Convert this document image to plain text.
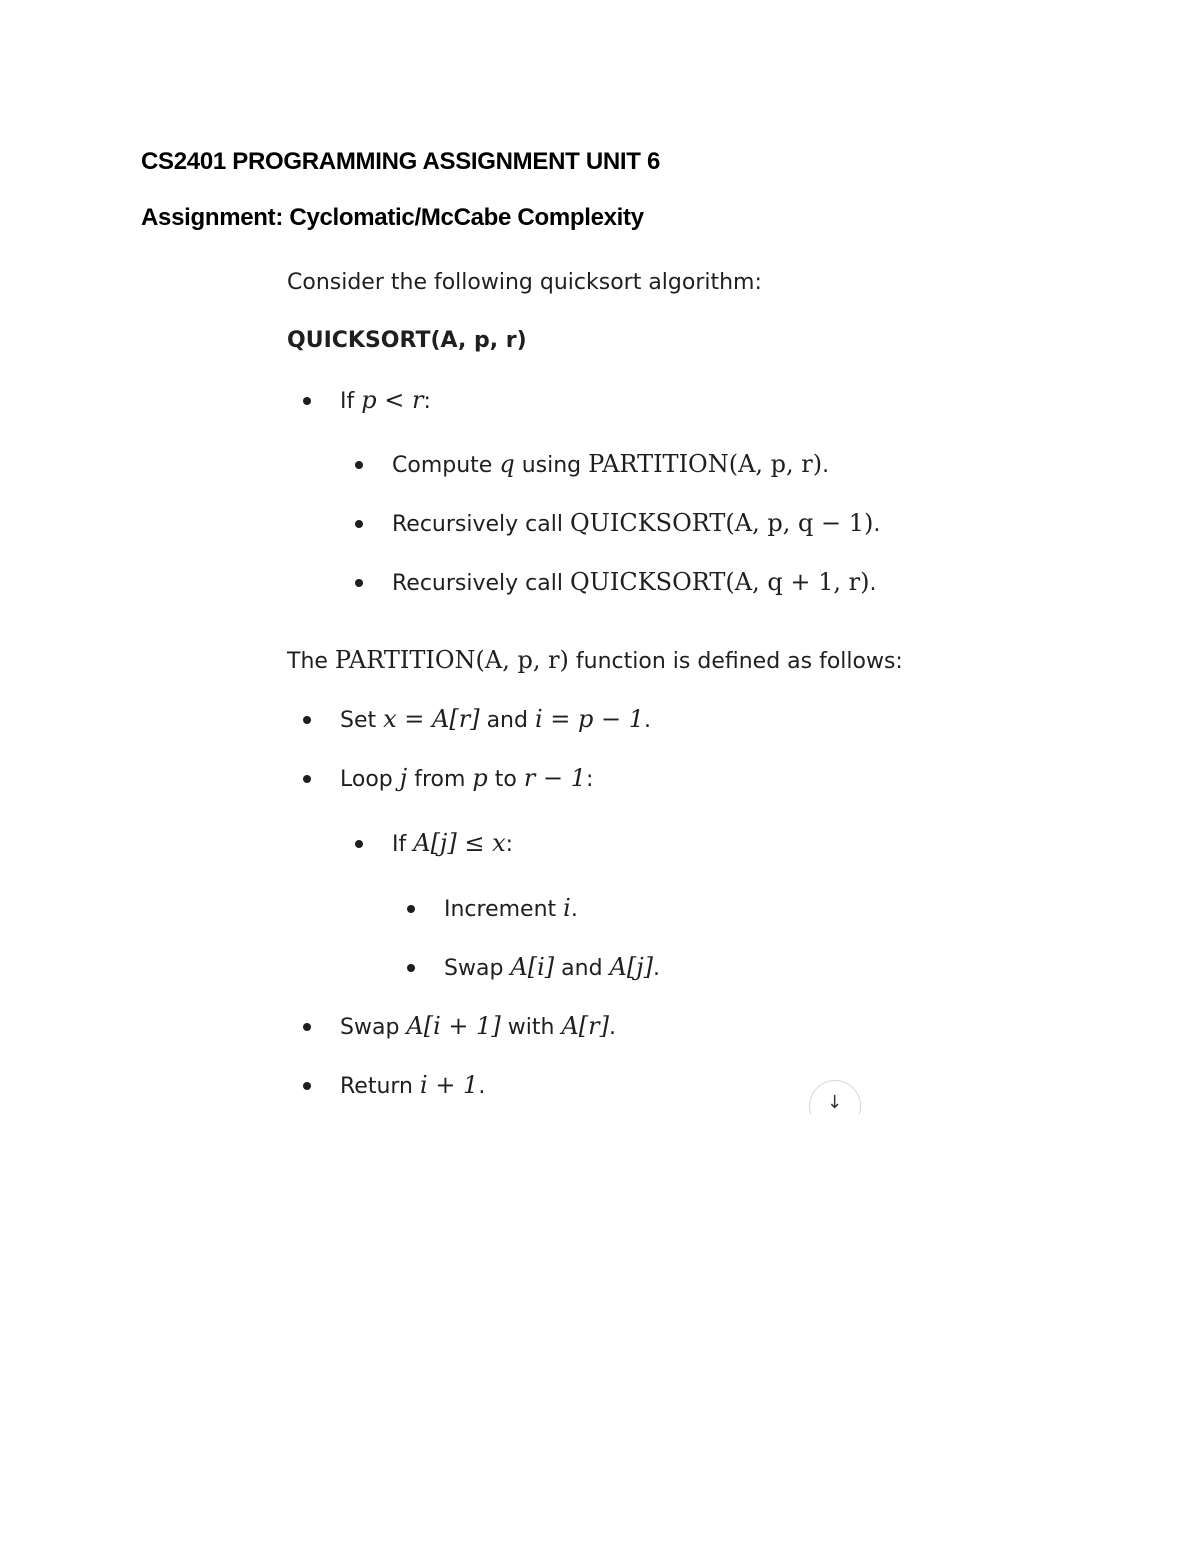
CS2401 PROGRAMMING ASSIGNMENT UNIT 6
Assignment: Cyclomatic/McCabe Complexity
Consider the following quicksort algorithm:
QUICKSORT(A, p, r)
If p < r:
Compute q using PARTITION(A, p, r).
Recursively call QUICKSORT(A, p, q − 1).
Recursively call QUICKSORT(A, q + 1, r).
The PARTITION(A, p, r) function is defined as follows:
Set x = A[r] and i = p − 1.
Loop j from p to r − 1:
If A[j] ≤ x:
Increment i.
Swap A[i] and A[j].
Swap A[i + 1] with A[r].
Return i + 1.
↓
